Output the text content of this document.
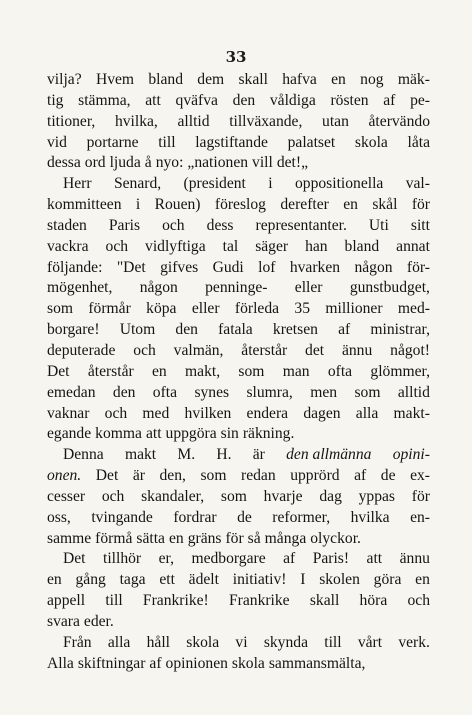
33
vilja? Hvem bland dem skall hafva en nog mäk-
tig stämma, att qväfva den våldiga rösten af pe-
titioner, hvilka, alltid tillväxande, utan återvändo
vid portarne till lagstiftande palatset skola låta
dessa ord ljuda å nyo: „nationen vill det!„
Herr Senard, (president i oppositionella val-
kommitteen i Rouen) föreslog derefter en skål för
staden Paris och dess representanter. Uti sitt
vackra och vidlyftiga tal säger han bland annat
följande: "Det gifves Gudi lof hvarken någon för-
mögenhet, någon penninge- eller gunstbudget,
som förmår köpa eller förleda 35 millioner med-
borgare! Utom den fatala kretsen af ministrar,
deputerade och valmän, återstår det ännu något!
Det återstår en makt, som man ofta glömmer,
emedan den ofta synes slumra, men som alltid
vaknar och med hvilken endera dagen alla makt-
egande komma att uppgöra sin räkning.
Denna makt M. H. är den allmänna opini-
onen. Det är den, som redan upprörd af de ex-
cesser och skandaler, som hvarje dag yppas för
oss, tvingande fordrar de reformer, hvilka en-
samme förmå sätta en gräns för så många olyckor.
Det tillhör er, medborgare af Paris! att ännu
en gång taga ett ädelt initiativ! I skolen göra en
appell till Frankrike! Frankrike skall höra och
svara eder.
Från alla håll skola vi skynda till vårt verk.
Alla skiftningar af opinionen skola sammansmälta,
